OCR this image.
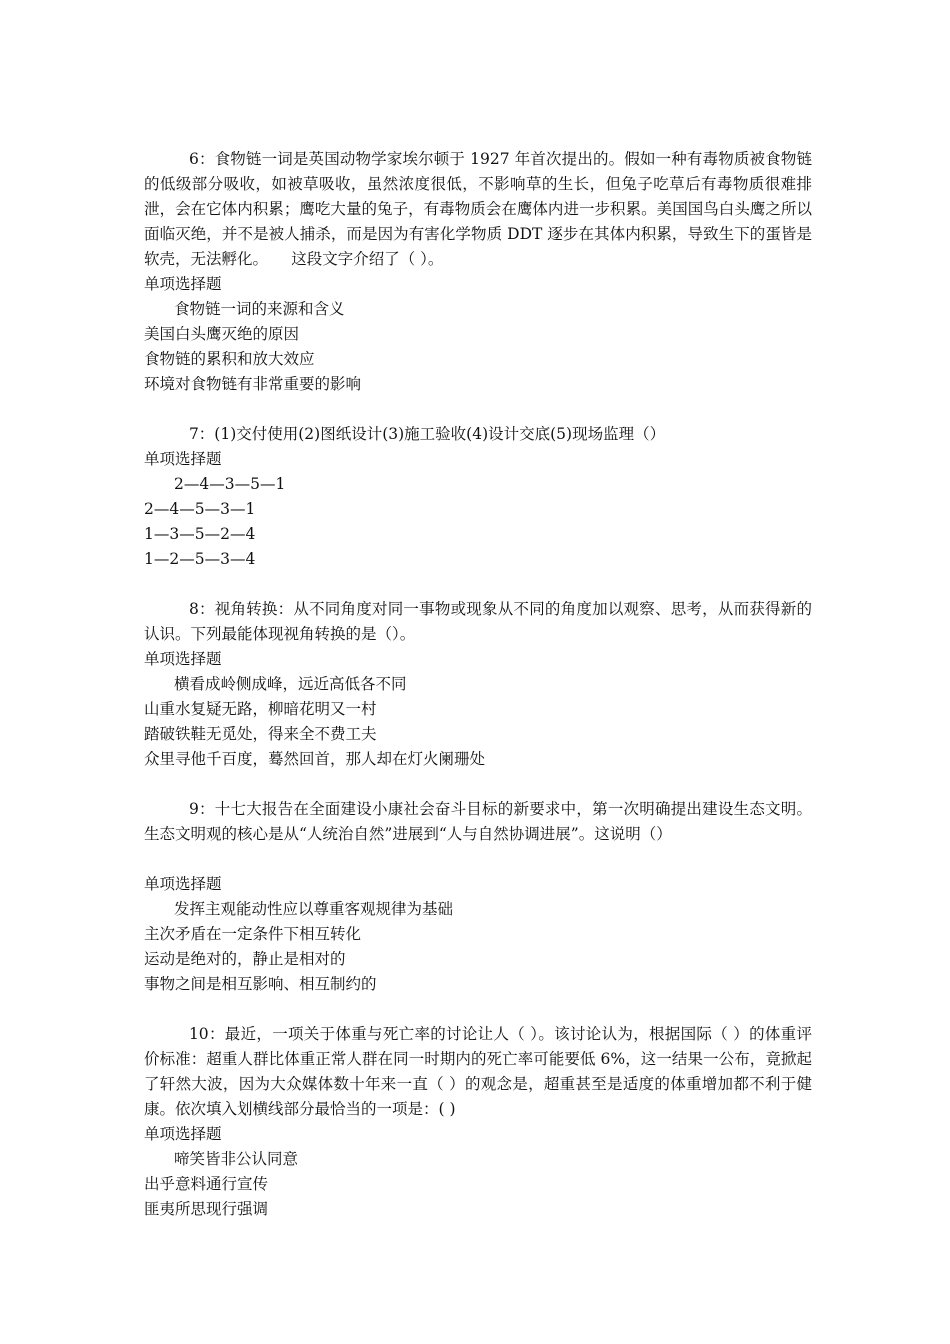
6：食物链一词是英国动物学家埃尔顿于 1927 年首次提出的。假如一种有毒物质被食物链的低级部分吸收，如被草吸收，虽然浓度很低，不影响草的生长，但兔子吃草后有毒物质很难排泄，会在它体内积累；鹰吃大量的兔子，有毒物质会在鹰体内进一步积累。美国国鸟白头鹰之所以面临灭绝，并不是被人捕杀，而是因为有害化学物质 DDT 逐步在其体内积累，导致生下的蛋皆是软壳，无法孵化。　　这段文字介绍了（ ）。

单项选择题

食物链一词的来源和含义

美国白头鹰灭绝的原因

食物链的累积和放大效应

环境对食物链有非常重要的影响

7：(1)交付使用(2)图纸设计(3)施工验收(4)设计交底(5)现场监理（）

单项选择题

2—4—3—5—1

2—4—5—3—1

1—3—5—2—4

1—2—5—3—4

8：视角转换：从不同角度对同一事物或现象从不同的角度加以观察、思考，从而获得新的认识。下列最能体现视角转换的是（）。

单项选择题

横看成岭侧成峰，远近高低各不同

山重水复疑无路，柳暗花明又一村

踏破铁鞋无觅处，得来全不费工夫

众里寻他千百度，蓦然回首，那人却在灯火阑珊处

9：十七大报告在全面建设小康社会奋斗目标的新要求中，第一次明确提出建设生态文明。生态文明观的核心是从“人统治自然”进展到“人与自然协调进展”。这说明（）

单项选择题

发挥主观能动性应以尊重客观规律为基础

主次矛盾在一定条件下相互转化

运动是绝对的，静止是相对的

事物之间是相互影响、相互制约的

10：最近，一项关于体重与死亡率的讨论让人（ ）。该讨论认为，根据国际（ ）的体重评价标准：超重人群比体重正常人群在同一时期内的死亡率可能要低 6%，这一结果一公布，竟掀起了轩然大波，因为大众媒体数十年来一直（ ）的观念是，超重甚至是适度的体重增加都不利于健康。依次填入划横线部分最恰当的一项是：( )

单项选择题

啼笑皆非公认同意

出乎意料通行宣传

匪夷所思现行强调
